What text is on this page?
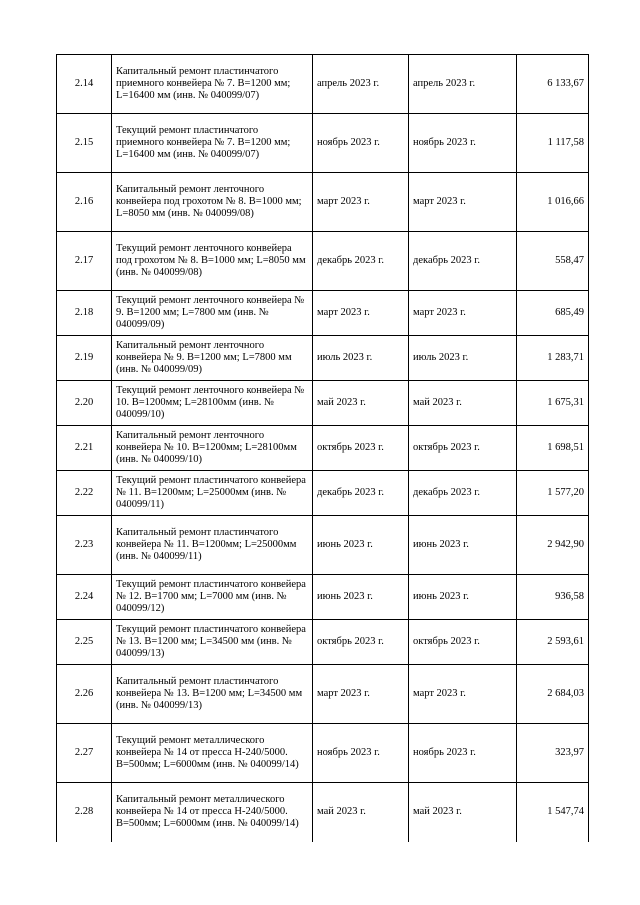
2.14	Капитальный ремонт пластинчатого приемного конвейера № 7. B=1200 мм; L=16400 мм (инв. № 040099/07)	апрель 2023 г.	апрель 2023 г.	6 133,67
2.15	Текущий ремонт пластинчатого приемного конвейера № 7. B=1200 мм; L=16400 мм (инв. № 040099/07)	ноябрь 2023 г.	ноябрь 2023 г.	1 117,58
2.16	Капитальный ремонт ленточного конвейера под грохотом № 8. B=1000 мм; L=8050 мм (инв. № 040099/08)	март 2023 г.	март 2023 г.	1 016,66
2.17	Текущий ремонт ленточного конвейера под грохотом № 8. B=1000 мм; L=8050 мм (инв. № 040099/08)	декабрь 2023 г.	декабрь 2023 г.	558,47
2.18	Текущий ремонт ленточного конвейера № 9. B=1200 мм; L=7800 мм (инв. № 040099/09)	март 2023 г.	март 2023 г.	685,49
2.19	Капитальный ремонт ленточного конвейера № 9. B=1200 мм; L=7800 мм (инв. № 040099/09)	июль 2023 г.	июль 2023 г.	1 283,71
2.20	Текущий ремонт ленточного конвейера № 10. B=1200мм; L=28100мм (инв. № 040099/10)	май 2023 г.	май 2023 г.	1 675,31
2.21	Капитальный ремонт ленточного конвейера № 10. B=1200мм; L=28100мм (инв. № 040099/10)	октябрь 2023 г.	октябрь 2023 г.	1 698,51
2.22	Текущий ремонт пластинчатого конвейера № 11. B=1200мм; L=25000мм (инв. № 040099/11)	декабрь 2023 г.	декабрь 2023 г.	1 577,20
2.23	Капитальный ремонт пластинчатого конвейера № 11. B=1200мм; L=25000мм (инв. № 040099/11)	июнь 2023 г.	июнь 2023 г.	2 942,90
2.24	Текущий ремонт пластинчатого конвейера № 12. B=1700 мм; L=7000 мм (инв. № 040099/12)	июнь 2023 г.	июнь 2023 г.	936,58
2.25	Текущий ремонт пластинчатого конвейера № 13. B=1200 мм; L=34500 мм (инв. № 040099/13)	октябрь 2023 г.	октябрь 2023 г.	2 593,61
2.26	Капитальный ремонт пластинчатого конвейера № 13. B=1200 мм; L=34500 мм (инв. № 040099/13)	март 2023 г.	март 2023 г.	2 684,03
2.27	Текущий ремонт металлического конвейера № 14 от пресса Н-240/5000. B=500мм; L=6000мм (инв. № 040099/14)	ноябрь 2023 г.	ноябрь 2023 г.	323,97
2.28	Капитальный ремонт металлического конвейера № 14 от пресса Н-240/5000. B=500мм; L=6000мм (инв. № 040099/14)	май 2023 г.	май 2023 г.	1 547,74
